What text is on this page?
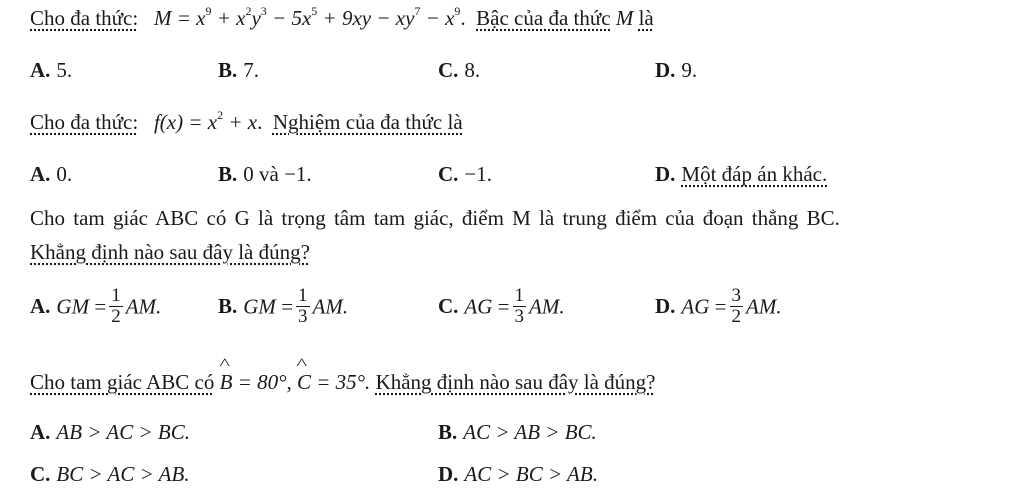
Cho đa thức:   $M = x^9 + x^2y^3 - 5x^5 + 9xy - xy^7 - x^9$.  Bậc của đa thức M là
A. 5.	B. 7.	C. 8.	D. 9.
Cho đa thức:   $f(x) = x^2 + x$.  Nghiệm của đa thức là
A. 0.	B. 0 và −1.	C. −1.	D. Một đáp án khác.
Cho tam giác ABC có G là trọng tâm tam giác, điểm M là trung điểm của đoạn thẳng BC.
Khẳng định nào sau đây là đúng?
A. GM = $\frac{1}{2}$ AM.	B. GM = $\frac{1}{3}$ AM.	C. AG = $\frac{1}{3}$ AM.	D. AG = $\frac{3}{2}$ AM.
Cho tam giác ABC có ^ B = 80°, ^ C = 35°. Khẳng định nào sau đây là đúng?
A. AB > AC > BC.	B. AC > AB > BC.
C. BC > AC > AB.	D. AC > BC > AB.
